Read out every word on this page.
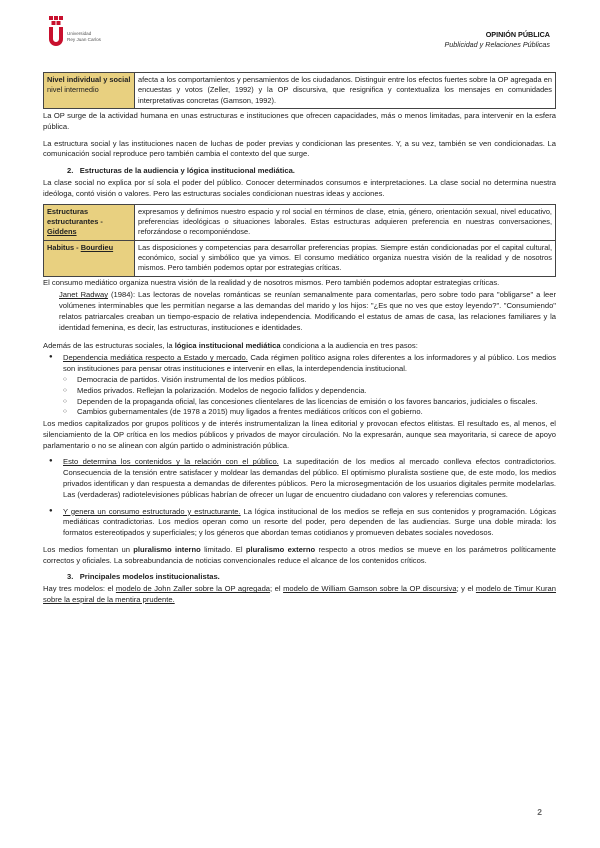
Universidad
Rey Juan Carlos
OPINIÓN PÚBLICA
Publicidad y Relaciones Públicas
Nivel individual y social
nivel intermedio	afecta a los comportamientos y pensamientos de los ciudadanos. Distinguir entre los efectos fuertes sobre la OP agregada en encuestas y votos (Zeller, 1992) y la OP discursiva, que resignifica y contextualiza los mensajes en comunidades interpretativas concretas (Gamson, 1992).

La OP surge de la actividad humana en unas estructuras e instituciones que ofrecen capacidades, más o menos limitadas, para intervenir en la esfera pública.

La estructura social y las instituciones nacen de luchas de poder previas y condicionan las presentes. Y, a su vez, también se ven condicionadas. La comunicación social reproduce pero también cambia el contexto del que surge.

2. Estructuras de la audiencia y lógica institucional mediática.

La clase social no explica por sí sola el poder del público. Conocer determinados consumos e interpretaciones. La clase social no determina nuestra ideóloga, contó visión o valores. Pero las estructuras sociales condicionan nuestras ideas y acciones.

Estructuras estructurantes - Giddens	expresamos y definimos nuestro espacio y rol social en términos de clase, etnia, género, orientación sexual, nivel educativo, preferencias ideológicas o situaciones laborales. Estas estructuras adquieren preferencia en nuestras conversaciones, reforzándose o recomponiéndose.

Habitus - Bourdieu	Las disposiciones y competencias para desarrollar preferencias propias. Siempre están condicionadas por el capital cultural, económico, social y simbólico que ya vimos. El consumo mediático organiza nuestra visión de la realidad y de nosotros mismos. Pero también podemos optar por estrategias críticas.

El consumo mediático organiza nuestra visión de la realidad y de nosotros mismos. Pero también podemos adoptar estrategias críticas.

Janet Radway (1984): Las lectoras de novelas románticas se reunían semanalmente para comentarlas, pero sobre todo para "obligarse" a leer volúmenes interminables que les permitían negarse a las demandas del marido y los hijos: "¿Es que no ves que estoy leyendo?". "Consumiendo" relatos patriarcales creaban un tiempo-espacio de relativa independencia. Modificando el estatus de amas de casa, las relaciones familiares y la identidad femenina, es decir, las estructuras, instituciones e identidades.

Además de las estructuras sociales, la lógica institucional mediática condiciona a la audiencia en tres pasos:

● Dependencia mediática respecto a Estado y mercado. Cada régimen político asigna roles diferentes a los informadores y al público. Los medios son instituciones para pensar otras instituciones e intervenir en ellas, la interdependencia institucional.
○ Democracia de partidos. Visión instrumental de los medios públicos.
○ Medios privados. Reflejan la polarización. Modelos de negocio fallidos y dependencia.
○ Dependen de la propaganda oficial, las concesiones clientelares de las licencias de emisión o los favores bancarios, judiciales o fiscales.
○ Cambios gubernamentales (de 1978 a 2015) muy ligados a frentes mediáticos críticos con el gobierno.

Los medios capitalizados por grupos políticos y de interés instrumentalizan la línea editorial y provocan efectos elitistas. El resultado es, al menos, el silenciamiento de la OP crítica en los medios públicos y privados de mayor circulación. No la expresarán, aunque sea mayoritaria, si carece de apoyo parlamentario o no se alinean con algún partido o administración pública.

● Esto determina los contenidos y la relación con el público. La supeditación de los medios al mercado conlleva efectos contradictorios. Consecuencia de la tensión entre satisfacer y moldear las demandas del público. El optimismo pluralista sostiene que, de este modo, los medios privados identifican y dan respuesta a demandas de diferentes públicos. Pero la microsegmentación de los usuarios digitales permite modelarlas. Las (verdaderas) radiotelevisiones públicas habrían de ofrecer un lugar de encuentro ciudadano con valores y referencias comunes.
● Y genera un consumo estructurado y estructurante. La lógica institucional de los medios se refleja en sus contenidos y programación. Lógicas mediáticas contradictorias. Los medios operan como un resorte del poder, pero dependen de las audiencias. Surge una doble mirada: los formatos estereotipados y superficiales; y los géneros que abordan temas cotidianos y promueven debates sociales novedosos.

Los medios fomentan un pluralismo interno limitado. El pluralismo externo respecto a otros medios se mueve en los parámetros políticamente correctos y oficiales. La sobreabundancia de noticias convencionales reduce el alcance de los contenidos críticos.

3. Principales modelos institucionalistas.

Hay tres modelos: el modelo de John Zaller sobre la OP agregada; el modelo de William Gamson sobre la OP discursiva; y el modelo de Timur Kuran sobre la espiral de la mentira prudente.

2
